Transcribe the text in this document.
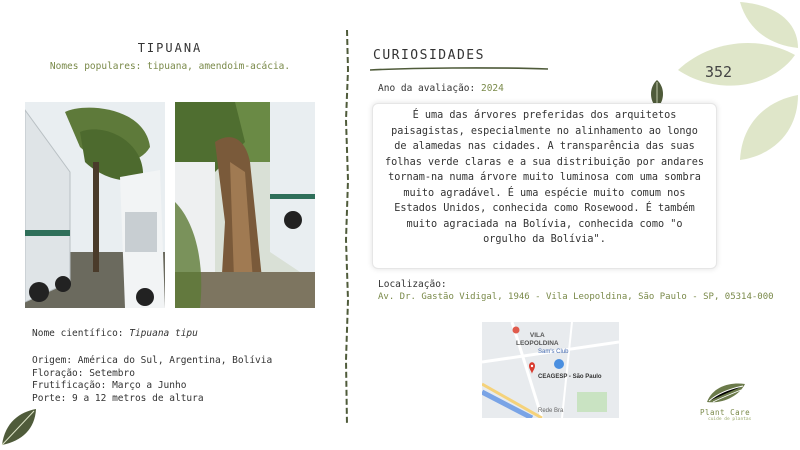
352
TIPUANA
Nomes populares: tipuana, amendoim-acácia.
Nome científico: Tipuana tipu
Origem: América do Sul, Argentina, Bolívia
Floração: Setembro
Frutificação: Março a Junho
Porte: 9 a 12 metros de altura
CURIOSIDADES
Ano da avaliação: 2024

É uma das árvores preferidas dos arquitetos paisagistas, especialmente no alinhamento ao longo de alamedas nas cidades. A transparência das suas folhas verde claras e a sua distribuição por andares tornam-na numa árvore muito luminosa com uma sombra muito agradável. É uma espécie muito comum nos Estados Unidos, conhecida como Rosewood. É também muito agraciada na Bolívia, conhecida como "o orgulho da Bolívia".

Localização:
Av. Dr. Gastão Vidigal, 1946 - Vila Leopoldina, São Paulo - SP, 05314-000
VILA
LEOPOLDINA
Sam's Club
CEAGESP - São Paulo
Rede Bra	Plant Care
cuide de plantas
